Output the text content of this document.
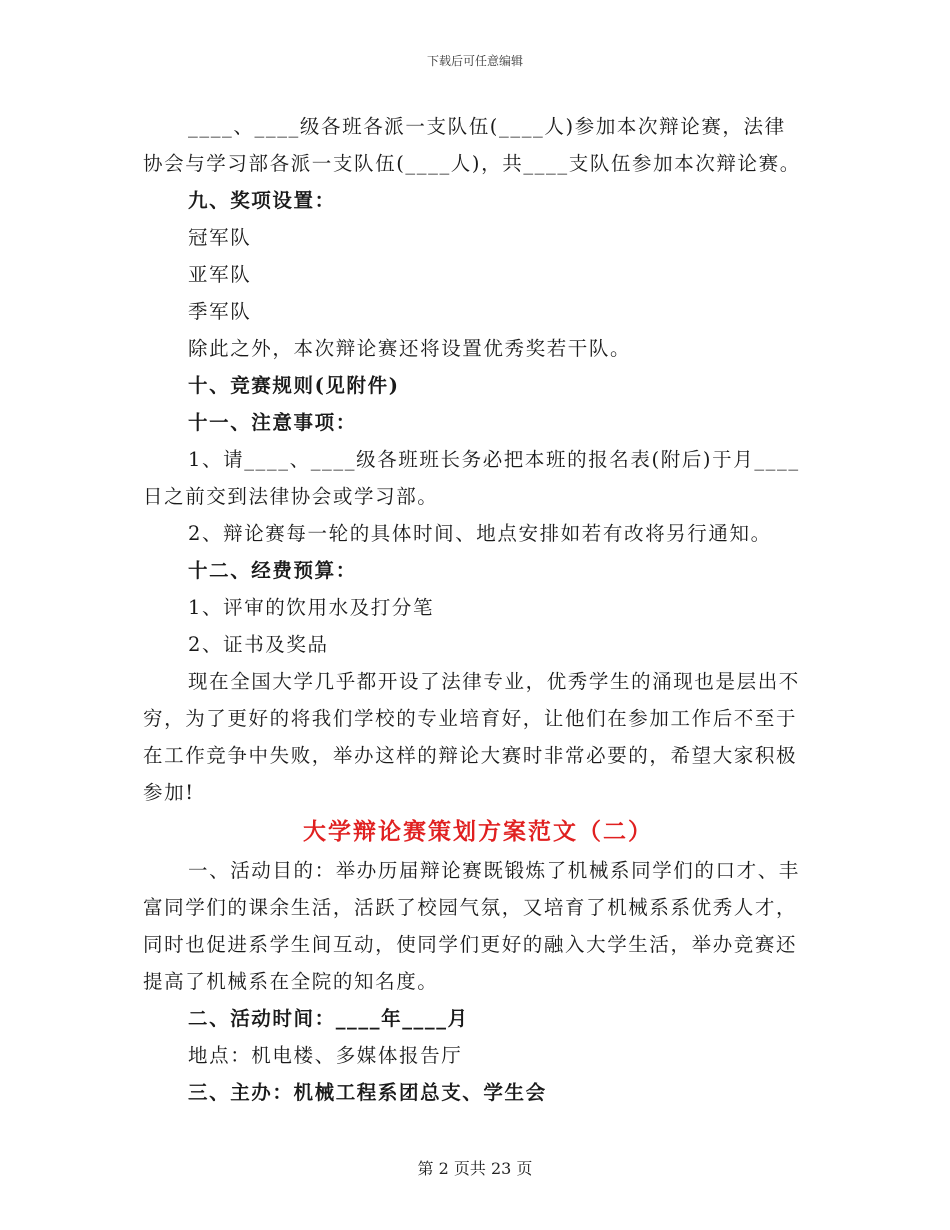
下载后可任意编辑

____、____级各班各派一支队伍(____人)参加本次辩论赛，法律

协会与学习部各派一支队伍(____人)，共____支队伍参加本次辩论赛。

九、奖项设置：

冠军队

亚军队

季军队

除此之外，本次辩论赛还将设置优秀奖若干队。

十、竞赛规则(见附件)

十一、注意事项：

1、请____、____级各班班长务必把本班的报名表(附后)于月____

日之前交到法律协会或学习部。

2、辩论赛每一轮的具体时间、地点安排如若有改将另行通知。

十二、经费预算：

1、评审的饮用水及打分笔

2、证书及奖品

现在全国大学几乎都开设了法律专业，优秀学生的涌现也是层出不穷，为了更好的将我们学校的专业培育好，让他们在参加工作后不至于在工作竞争中失败，举办这样的辩论大赛时非常必要的，希望大家积极参加!

大学辩论赛策划方案范文（二）

一、活动目的：举办历届辩论赛既锻炼了机械系同学们的口才、丰富同学们的课余生活，活跃了校园气氛，又培育了机械系系优秀人才，同时也促进系学生间互动，使同学们更好的融入大学生活，举办竞赛还提高了机械系在全院的知名度。

二、活动时间：____年____月

地点：机电楼、多媒体报告厅

三、主办：机械工程系团总支、学生会

第 2 页共 23 页
